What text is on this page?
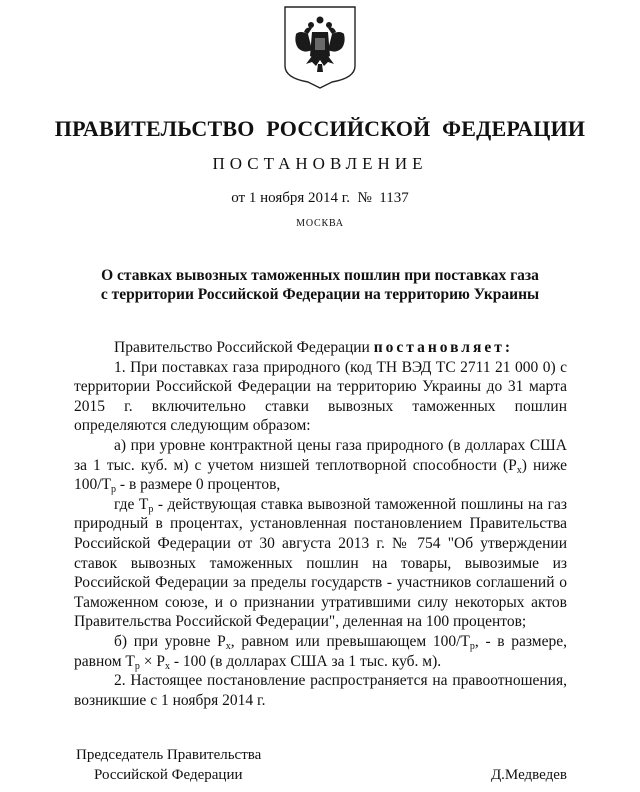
ПРАВИТЕЛЬСТВО РОССИЙСКОЙ ФЕДЕРАЦИИ
ПОСТАНОВЛЕНИЕ
от 1 ноября 2014 г. № 1137
МОСКВА
О ставках вывозных таможенных пошлин при поставках газа
с территории Российской Федерации на территорию Украины

Правительство Российской Федерации постановляет:

1. При поставках газа природного (код ТН ВЭД ТС 2711 21 000 0) с территории Российской Федерации на территорию Украины до 31 марта 2015 г. включительно ставки вывозных таможенных пошлин определяются следующим образом:

а) при уровне контрактной цены газа природного (в долларах США за 1 тыс. куб. м) с учетом низшей теплотворной способности $(P_x)$ ниже $100/T_p$ - в размере 0 процентов,

где $T_p$ - действующая ставка вывозной таможенной пошлины на газ природный в процентах, установленная постановлением Правительства Российской Федерации от 30 августа 2013 г. № 754 "Об утверждении ставок вывозных таможенных пошлин на товары, вывозимые из Российской Федерации за пределы государств - участников соглашений о Таможенном союзе, и о признании утратившими силу некоторых актов Правительства Российской Федерации", деленная на 100 процентов;

б) при уровне $P_x$, равном или превышающем $100/T_p$, - в размере, равном $T_p \times P_x - 100$ (в долларах США за 1 тыс. куб. м).

2. Настоящее постановление распространяется на правоотношения, возникшие с 1 ноября 2014 г.

Председатель Правительства
Российской Федерации	Д.Медведев
